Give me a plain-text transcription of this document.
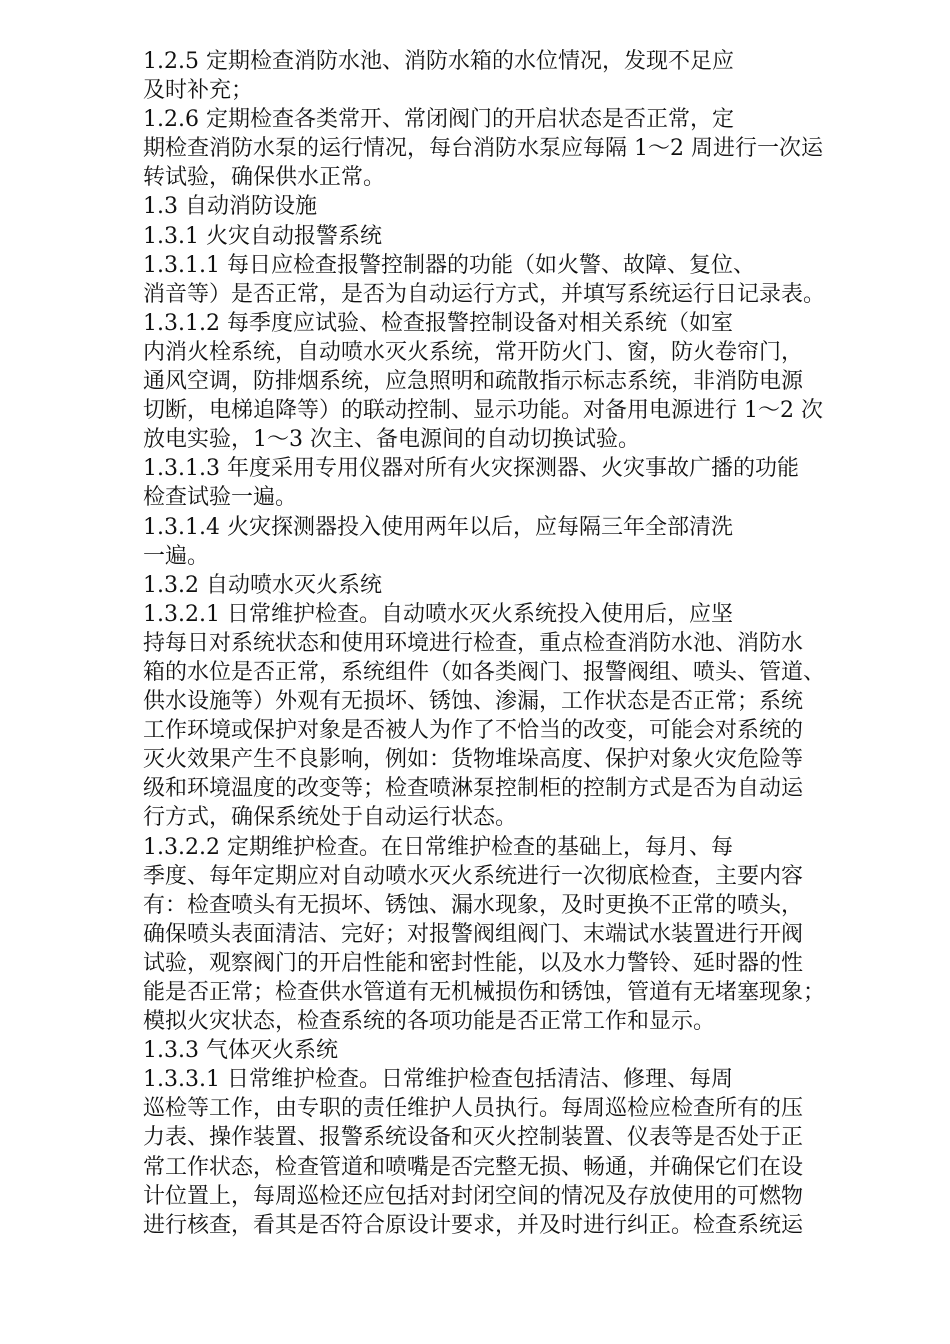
1.2.5 定期检查消防水池、消防水箱的水位情况，发现不足应

及时补充；

1.2.6 定期检查各类常开、常闭阀门的开启状态是否正常，定

期检查消防水泵的运行情况，每台消防水泵应每隔 1～2 周进行一次运

转试验，确保供水正常。

1.3 自动消防设施

1.3.1 火灾自动报警系统

1.3.1.1 每日应检查报警控制器的功能（如火警、故障、复位、

消音等）是否正常，是否为自动运行方式，并填写系统运行日记录表。

1.3.1.2 每季度应试验、检查报警控制设备对相关系统（如室

内消火栓系统，自动喷水灭火系统，常开防火门、窗，防火卷帘门，

通风空调，防排烟系统，应急照明和疏散指示标志系统，非消防电源

切断，电梯追降等）的联动控制、显示功能。对备用电源进行 1～2 次

放电实验，1～3 次主、备电源间的自动切换试验。

1.3.1.3 年度采用专用仪器对所有火灾探测器、火灾事故广播的功能

检查试验一遍。

1.3.1.4 火灾探测器投入使用两年以后，应每隔三年全部清洗

一遍。

1.3.2 自动喷水灭火系统

1.3.2.1 日常维护检查。自动喷水灭火系统投入使用后，应坚

持每日对系统状态和使用环境进行检查，重点检查消防水池、消防水

箱的水位是否正常，系统组件（如各类阀门、报警阀组、喷头、管道、

供水设施等）外观有无损坏、锈蚀、渗漏，工作状态是否正常；系统

工作环境或保护对象是否被人为作了不恰当的改变，可能会对系统的

灭火效果产生不良影响，例如：货物堆垛高度、保护对象火灾危险等

级和环境温度的改变等；检查喷淋泵控制柜的控制方式是否为自动运

行方式，确保系统处于自动运行状态。

1.3.2.2 定期维护检查。在日常维护检查的基础上，每月、每

季度、每年定期应对自动喷水灭火系统进行一次彻底检查，主要内容

有：检查喷头有无损坏、锈蚀、漏水现象，及时更换不正常的喷头，

确保喷头表面清洁、完好；对报警阀组阀门、末端试水装置进行开阀

试验，观察阀门的开启性能和密封性能，以及水力警铃、延时器的性

能是否正常；检查供水管道有无机械损伤和锈蚀，管道有无堵塞现象；

模拟火灾状态，检查系统的各项功能是否正常工作和显示。

1.3.3 气体灭火系统

1.3.3.1 日常维护检查。日常维护检查包括清洁、修理、每周

巡检等工作，由专职的责任维护人员执行。每周巡检应检查所有的压

力表、操作装置、报警系统设备和灭火控制装置、仪表等是否处于正

常工作状态，检查管道和喷嘴是否完整无损、畅通，并确保它们在设

计位置上，每周巡检还应包括对封闭空间的情况及存放使用的可燃物

进行核查，看其是否符合原设计要求，并及时进行纠正。检查系统运
